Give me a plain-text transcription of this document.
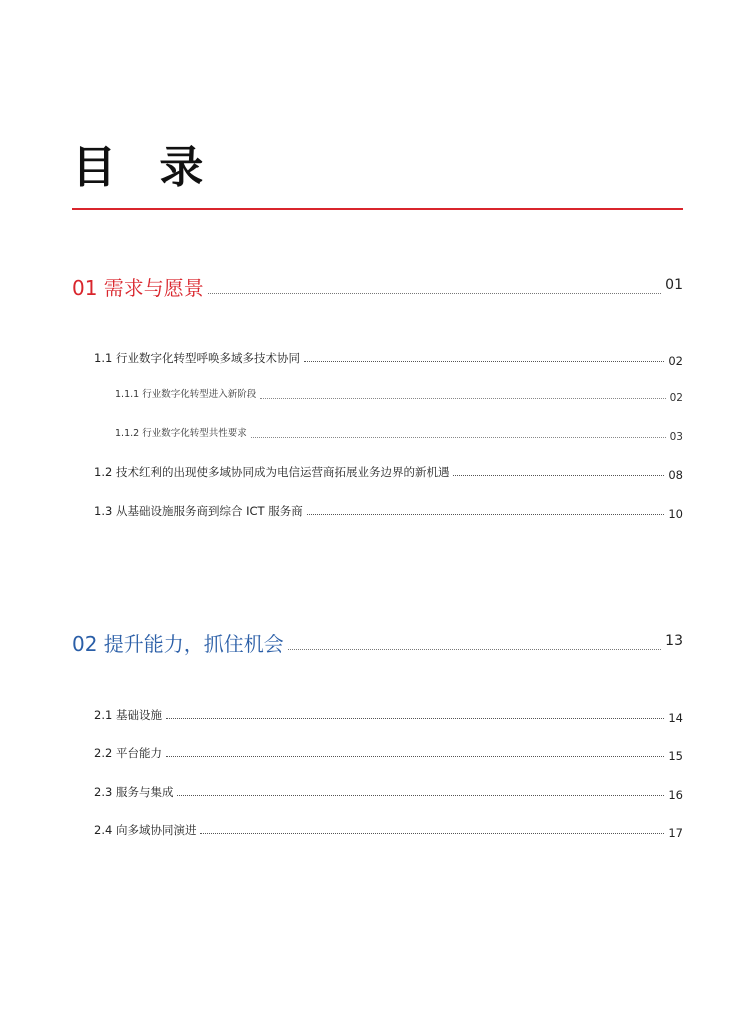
目 录
01 需求与愿景	01
1.1 行业数字化转型呼唤多域多技术协同	02
1.1.1 行业数字化转型进入新阶段	02
1.1.2 行业数字化转型共性要求	03
1.2 技术红利的出现使多域协同成为电信运营商拓展业务边界的新机遇	08
1.3 从基础设施服务商到综合 ICT 服务商	10
02 提升能力，抓住机会	13
2.1 基础设施	14
2.2 平台能力	15
2.3 服务与集成	16
2.4 向多域协同演进	17
